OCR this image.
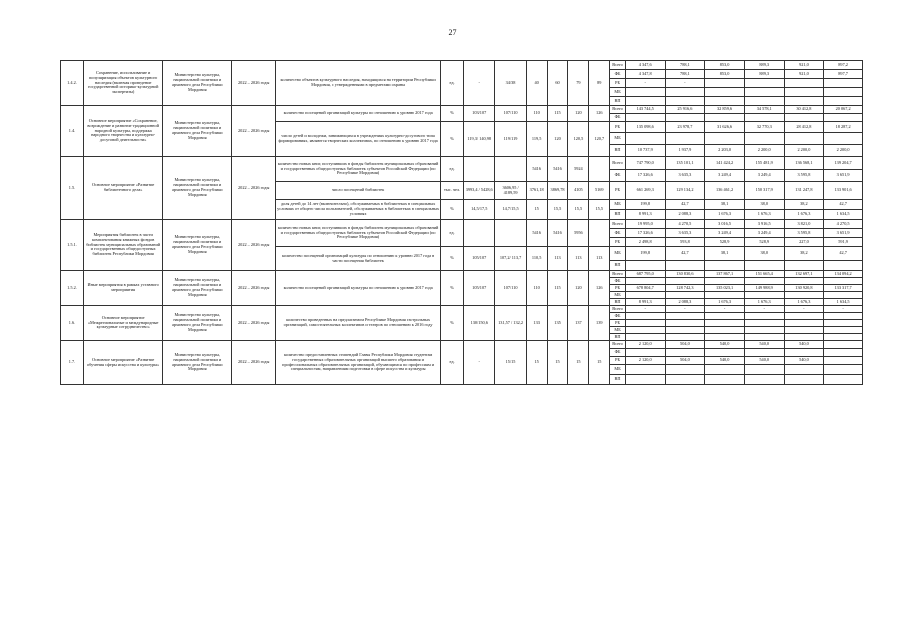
27
1.4.2.	Сохранение, использование и популяризация объектов культурного наследия (включая проведение государственной историко-культурной экспертизы)	Министерство культуры, национальной политики и архивного дела Республики Мордовия	2022 – 2026 годы	количество объектов культурного наследия, находящихся на территории Республики Мордовия, с утвержденными в предметами охраны	ед.	-	34/38	40	60	79	89	Всего	4 347,6	788,1	853,0	889,3	921,0	897,2
												ФБ	4 347,8	788,1	853,0	889,3	921,0	897,7
												РБ	-	-				
												МБ						
												ВП						
1.4.	Основное мероприятие «Сохранение, возрождение и развитие традиционной народной культуры, поддержка народного творчества и культурно-досуговой деятельности»	Министерство культуры, национальной политики и архивного дела Республики Мордовия	2022 – 2026 годы	количество посещений организаций культуры по отношению к уровню 2017 года	%	103/107	107/110	110	115	120	126	Всего	143 744,5	25 916,6	32 859,6	34 578,1	30 412,8	20 067,2
												ФБ						
				число детей и молодежи, занимающихся в учреждениях культурно-досугового типа формированиях, являются творческих коллективах, по отношению к уровню 2017 года	%	119,3/ 140,98	119/119	119,5	120	120,5	120,7	РБ	135 098,6	23 978,7	31 626,6	32 770,3	28 412,8	18 287,2
												МБ						
												ВП	10 737,9	1 937,9	2 203,0	2 200,0	2 200,0	2 200,0
1.5.	Основное мероприятие «Развитие библиотечного дела»	Министерство культуры, национальной политики и архивного дела Республики Мордовия	2022 – 2026 годы	количество новых книг, поступивших в фонды библиотек муниципальных образований и государственных общедоступных библиотек субъектов Российской Федерации (по Республике Мордовия)	ед.			5416	5416	5924		Всего	747 790,0	135 101,1	141 424,2	155 481,9	136 568,1	139 204,7
												ФБ	17 326,6	3 635,3	3 249,4	3 249,4	3 595,8	3 651,9
				число посещений библиотек	тыс. чел.	3993,4 / 5428,6	3606,95 / 4189,59	3761,18	3869,78	4105	5169	РБ	661 269,3	129 134,2	136 461,2	150 317,9	131 247,8	133 901,6
				доля детей до 14 лет (включительно), обслуживаемых в библиотеках в специальных условиях от общего числа пользователей, обслуживаемых в библиотеках в специальных условиях	%	14,5/17,5	14,7/15,5	15	15,5	15,5	15,5	МБ	199,8	42,7	38,1	38,0	38,2	42,7
												ВП	8 991,3	2 088,3	1 676,3	1 676,3	1 676,3	1 634,5
1.5.1.	Мероприятия библиотек в части комплектования книжных фондов библиотек муниципальных образований и государственных общедоступных библиотек Республики Мордовия	Министерство культуры, национальной политики и архивного дела Республики Мордовия	2022 – 2026 годы	количество новых книг, поступивших в фонды библиотек муниципальных образований и государственных общедоступных библиотек субъектов Российской Федерации (по Республике Мордовия)	ед.			5416	5416	5956		Всего	19 995,0	4 270,5	3 016,5	3 916,5	3 821,0	4 270,5
												ФБ	17 326,6	3 635,3	3 249,4	3 249,4	3 595,8	3 651,9
												РБ	2 498,8	593,8	528,9	528,9	227,0	591,9
				количество посещений организаций культуры по отношению к уровню 2017 года в части посещения библиотек	%	105/107	107,2/ 113,7	110,5	113	113	113	МБ	199,8	42,7	38,1	38,0	38,2	42,7
												ВП						
1.5.2.	Иные мероприятия в рамках уставного мероприятия	Министерство культуры, национальной политики и архивного дела Республики Мордовия	2022 – 2026 годы	количество посещений организаций культуры по отношению к уровню 2017 года	%	105/107	107/110	110	115	120	126	Всего	687 795,0	130 830,6	137 867,1	151 665,4	132 697,1	134 094,2
												ФБ						
												РБ	678 804,7	128 742,3	135 023,1	149 988,9	130 920,8	133 317,7
												МБ						
												ВП	8 991,3	2 088,3	1 676,3	1 676,3	1 676,3	1 634,5
1.6.	Основное мероприятие «Межрегиональные и международные культурные сотрудничество»	Министерство культуры, национальной политики и архивного дела Республики Мордовия	2022 – 2026 годы	количество проведенных на предлагаемом Республике Мордовия гастрольных организаций, самостоятельных коллективов и театров по отношению к 2016 году	%	130/150,6	131,57 / 132,2	133	135	137	139	Всего	-	-	-	-	-	-
												ФБ						
												РБ						
												МБ						
												ВП						
1.7.	Основное мероприятие «Развитие обучения сферы искусства и культуры»	Министерство культуры, национальной политики и архивного дела Республики Мордовия	2022 – 2026 годы	количество предоставленных стипендий Главы Республики Мордовия студентам государственных образовательных организаций высшего образования и профессиональных образовательных организаций, обучающимся по профессиям и специальностям, направлениям подготовки в сфере искусства и культуры	ед.	-	15/15	15	15	15	15	Всего	2 120,0	504,0	540,0	540,0	540,0	
												ФБ						
												РБ	2 120,0	504,0	540,0	540,0	540,0	
												МБ						
												ВП						
